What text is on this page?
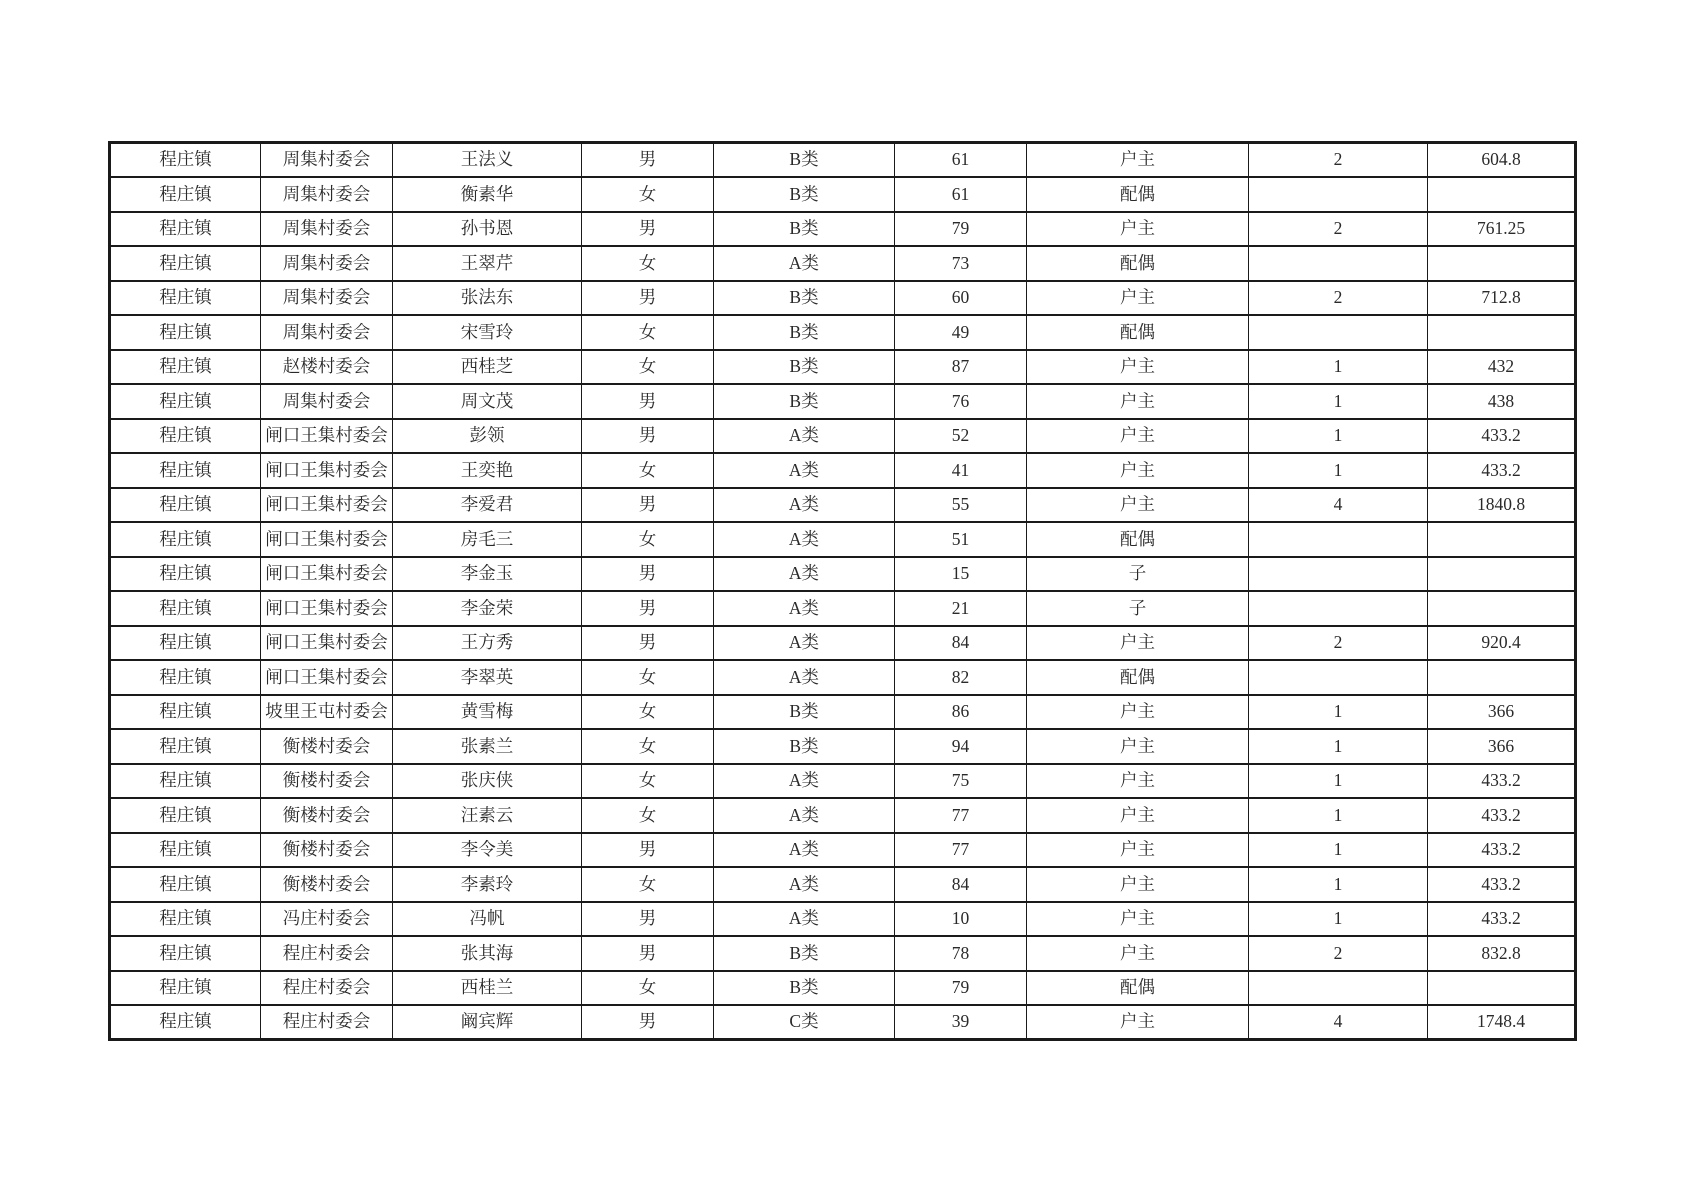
程庄镇	周集村委会	王法义	男	B类	61	户主	2	604.8
程庄镇	周集村委会	衡素华	女	B类	61	配偶		
程庄镇	周集村委会	孙书恩	男	B类	79	户主	2	761.25
程庄镇	周集村委会	王翠芹	女	A类	73	配偶		
程庄镇	周集村委会	张法东	男	B类	60	户主	2	712.8
程庄镇	周集村委会	宋雪玲	女	B类	49	配偶		
程庄镇	赵楼村委会	西桂芝	女	B类	87	户主	1	432
程庄镇	周集村委会	周文茂	男	B类	76	户主	1	438
程庄镇	闸口王集村委会	彭领	男	A类	52	户主	1	433.2
程庄镇	闸口王集村委会	王奕艳	女	A类	41	户主	1	433.2
程庄镇	闸口王集村委会	李爱君	男	A类	55	户主	4	1840.8
程庄镇	闸口王集村委会	房毛三	女	A类	51	配偶		
程庄镇	闸口王集村委会	李金玉	男	A类	15	子		
程庄镇	闸口王集村委会	李金荣	男	A类	21	子		
程庄镇	闸口王集村委会	王方秀	男	A类	84	户主	2	920.4
程庄镇	闸口王集村委会	李翠英	女	A类	82	配偶		
程庄镇	坡里王屯村委会	黄雪梅	女	B类	86	户主	1	366
程庄镇	衡楼村委会	张素兰	女	B类	94	户主	1	366
程庄镇	衡楼村委会	张庆侠	女	A类	75	户主	1	433.2
程庄镇	衡楼村委会	汪素云	女	A类	77	户主	1	433.2
程庄镇	衡楼村委会	李令美	男	A类	77	户主	1	433.2
程庄镇	衡楼村委会	李素玲	女	A类	84	户主	1	433.2
程庄镇	冯庄村委会	冯帆	男	A类	10	户主	1	433.2
程庄镇	程庄村委会	张其海	男	B类	78	户主	2	832.8
程庄镇	程庄村委会	西桂兰	女	B类	79	配偶		
程庄镇	程庄村委会	阚宾辉	男	C类	39	户主	4	1748.4
